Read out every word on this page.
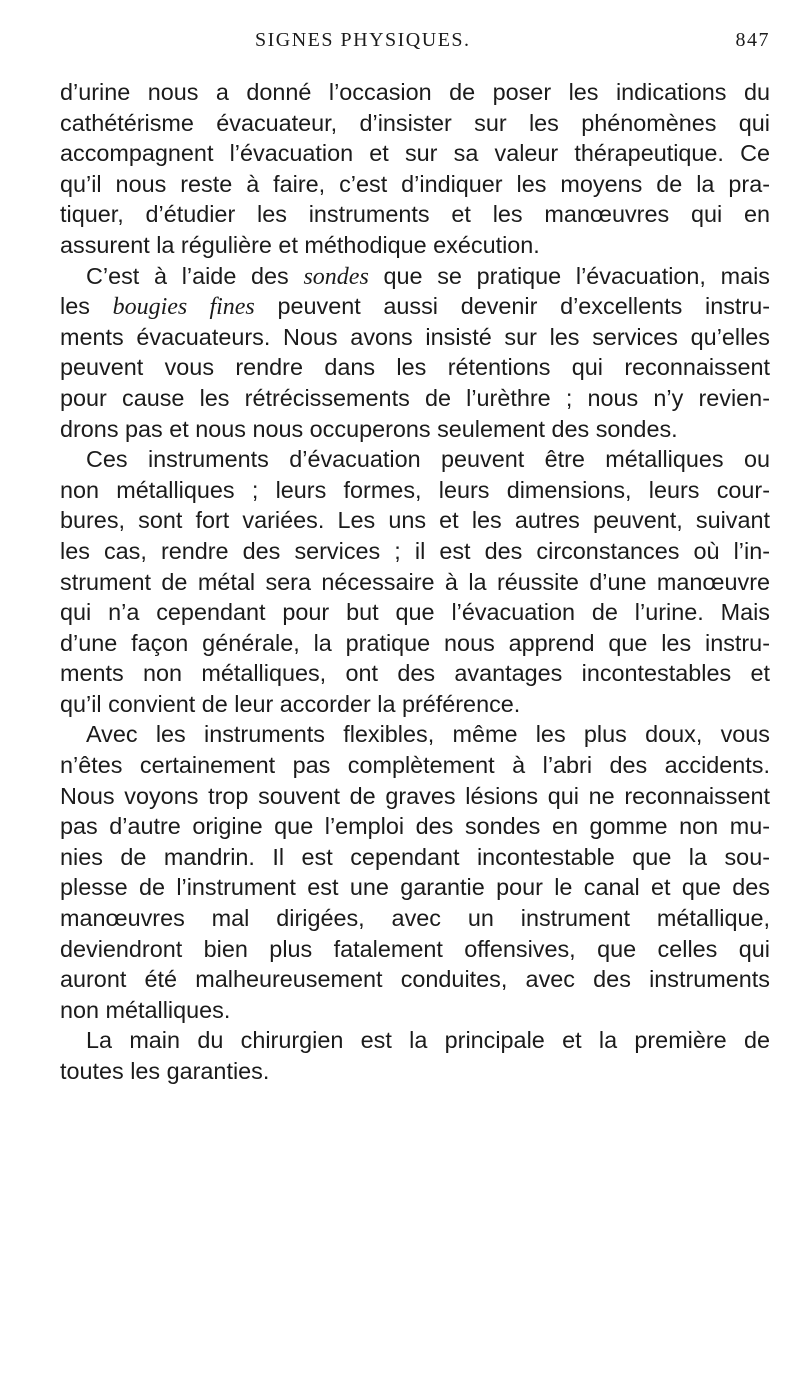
SIGNES PHYSIQUES.	847
d’urine nous a donné l’occasion de poser les indications du
cathétérisme évacuateur, d’insister sur les phénomènes qui
accompagnent l’évacuation et sur sa valeur thérapeutique. Ce
qu’il nous reste à faire, c’est d’indiquer les moyens de la pra-
tiquer, d’étudier les instruments et les manœuvres qui en
assurent la régulière et méthodique exécution.
C’est à l’aide des sondes que se pratique l’évacuation, mais
les bougies fines peuvent aussi devenir d’excellents instru-
ments évacuateurs. Nous avons insisté sur les services qu’elles
peuvent vous rendre dans les rétentions qui reconnaissent
pour cause les rétrécissements de l’urèthre ; nous n’y revien-
drons pas et nous nous occuperons seulement des sondes.
Ces instruments d’évacuation peuvent être métalliques ou
non métalliques ; leurs formes, leurs dimensions, leurs cour-
bures, sont fort variées. Les uns et les autres peuvent, suivant
les cas, rendre des services ; il est des circonstances où l’in-
strument de métal sera nécessaire à la réussite d’une manœuvre
qui n’a cependant pour but que l’évacuation de l’urine. Mais
d’une façon générale, la pratique nous apprend que les instru-
ments non métalliques, ont des avantages incontestables et
qu’il convient de leur accorder la préférence.
Avec les instruments flexibles, même les plus doux, vous
n’êtes certainement pas complètement à l’abri des accidents.
Nous voyons trop souvent de graves lésions qui ne reconnaissent
pas d’autre origine que l’emploi des sondes en gomme non mu-
nies de mandrin. Il est cependant incontestable que la sou-
plesse de l’instrument est une garantie pour le canal et que des
manœuvres mal dirigées, avec un instrument métallique,
deviendront bien plus fatalement offensives, que celles qui
auront été malheureusement conduites, avec des instruments
non métalliques.
La main du chirurgien est la principale et la première de
toutes les garanties.
